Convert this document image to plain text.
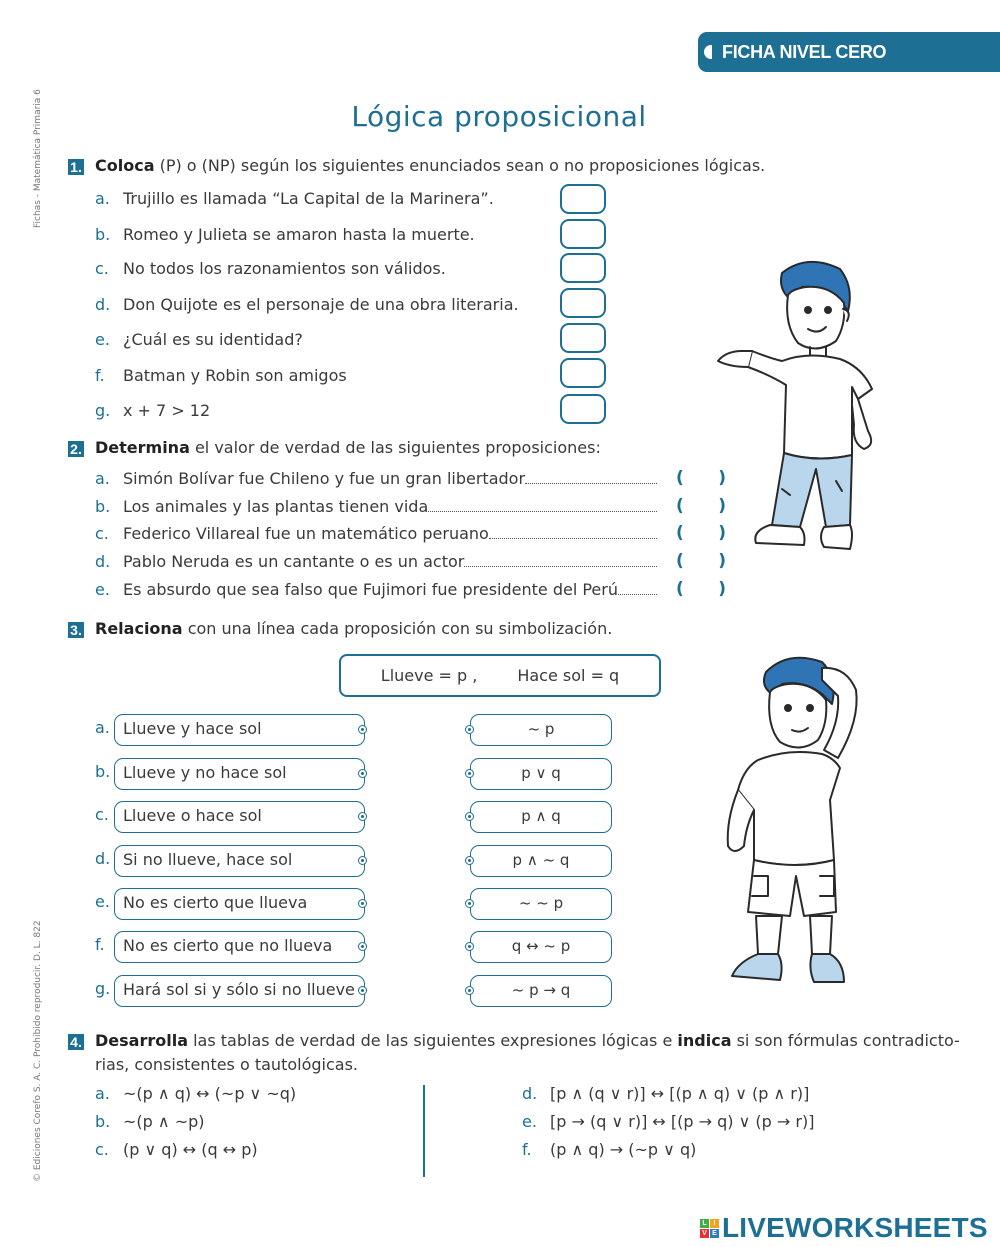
Fichas - Matemática Primaria 6
© Ediciones Corefo S. A. C. Prohibido reproducir. D. L. 822
FICHA NIVEL CERO
Lógica proposicional
1. Coloca (P) o (NP) según los siguientes enunciados sean o no proposiciones lógicas.
a. Trujillo es llamada “La Capital de la Marinera”.
b. Romeo y Julieta se amaron hasta la muerte.
c. No todos los razonamientos son válidos.
d. Don Quijote es el personaje de una obra literaria.
e. ¿Cuál es su identidad?
f. Batman y Robin son amigos
g. x + 7 > 12
2. Determina el valor de verdad de las siguientes proposiciones:
a. Simón Bolívar fue Chileno y fue un gran libertador
b. Los animales y las plantas tienen vida
c. Federico Villareal fue un matemático peruano
d. Pablo Neruda es un cantante o es un actor
e. Es absurdo que sea falso que Fujimori fue presidente del Perú
( )
( )
( )
( )
( )
3. Relaciona con una línea cada proposición con su simbolización.
Llueve = p ,	Hace sol = q
a.
b.
c.
d.
e.
f.
g.
Llueve y hace sol
Llueve y no hace sol
Llueve o hace sol
Si no llueve, hace sol
No es cierto que llueva
No es cierto que no llueva
Hará sol si y sólo si no llueve
~ p
p ∨ q
p ∧ q
p ∧ ~ q
~ ~ p
q ↔ ~ p
~ p → q
4. Desarrolla las tablas de verdad de las siguientes expresiones lógicas e indica si son fórmulas contradicto-
rias, consistentes o tautológicas.
a. ~(p ∧ q) ↔ (~p ∨ ~q)
b. ~(p ∧ ~p)
c. (p ∨ q) ↔ (q ↔ p)
d. [p ∧ (q ∨ r)] ↔ [(p ∧ q) ∨ (p ∧ r)]
e. [p → (q ∨ r)] ↔ [(p → q) ∨ (p → r)]
f. (p ∧ q) → (~p ∨ q)
L I
V E LIVEWORKSHEETS
